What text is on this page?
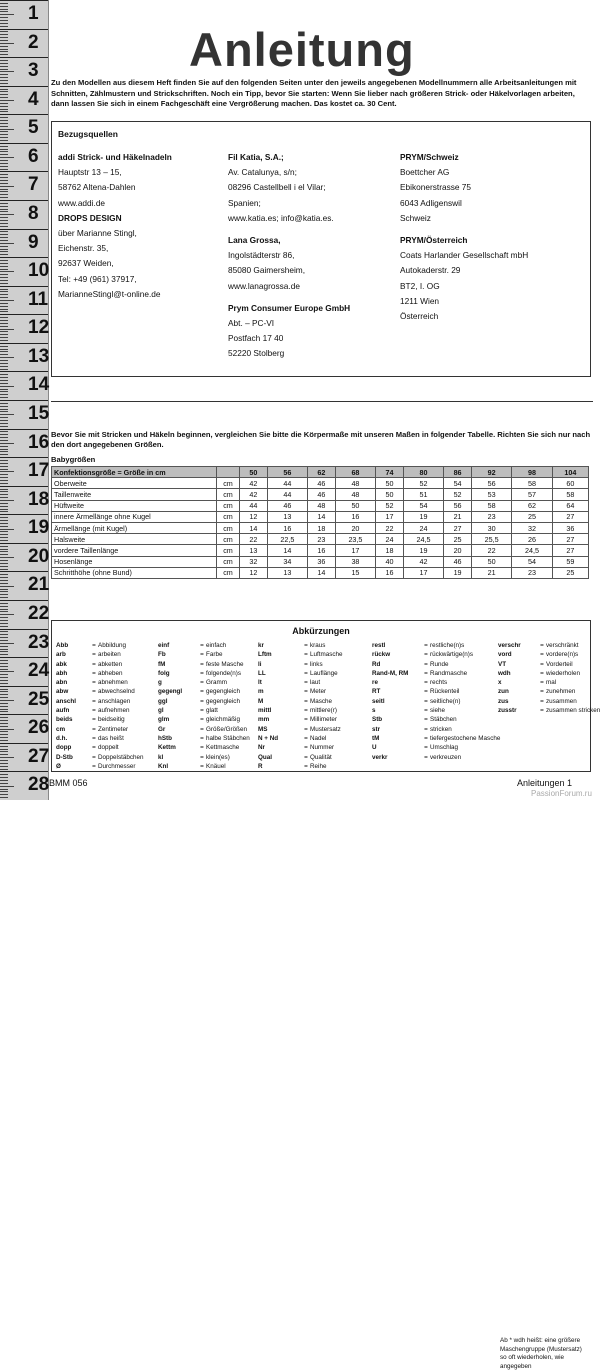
1
2
3
4
5
6
7
8
9
10
11
12
13
14
15
16
17
18
19
20
21
22
23
24
25
26
27
28
Anleitung
Zu den Modellen aus diesem Heft finden Sie auf den folgenden Seiten unter den jeweils angegebenen Modellnummern alle Arbeitsanleitungen mit Schnitten, Zählmustern und Strickschriften. Noch ein Tipp, bevor Sie starten: Wenn Sie lieber nach größeren Strick- oder Häkelvorlagen arbeiten, dann lassen Sie sich in einem Fachgeschäft eine Vergrößerung machen. Das kostet ca. 30 Cent.
Bezugsquellen
addi Strick- und Häkelnadeln
Hauptstr 13 – 15,
58762 Altena-Dahlen
www.addi.de
DROPS DESIGN
über Marianne Stingl,
Eichenstr. 35,
92637 Weiden,
Tel: +49 (961) 37917,
MarianneStingl@t-online.de
Fil Katia, S.A.;
Av. Catalunya, s/n;
08296 Castellbell i el Vilar;
Spanien;
www.katia.es; info@katia.es.
Lana Grossa,
Ingolstädterstr 86,
85080 Gaimersheim,
www.lanagrossa.de
Prym Consumer Europe GmbH
Abt. – PC-VI
Postfach 17 40
52220 Stolberg
PRYM/Schweiz
Boettcher AG
Ebikonerstrasse 75
6043 Adligenswil
Schweiz
PRYM/Österreich
Coats Harlander Gesellschaft mbH
Autokaderstr. 29
BT2, I. OG
1211 Wien
Österreich
Bevor Sie mit Stricken und Häkeln beginnen, vergleichen Sie bitte die Körpermaße mit unseren Maßen in folgender Tabelle. Richten Sie sich nur nach den dort angegebenen Größen.
Babygrößen
Konfektionsgröße = Größe in cm		50	56	62	68	74	80	86	92	98	104
Oberweite	cm	42	44	46	48	50	52	54	56	58	60
Taillenweite	cm	42	44	46	48	50	51	52	53	57	58
Hüftweite	cm	44	46	48	50	52	54	56	58	62	64
innere Ärmellänge ohne Kugel	cm	12	13	14	16	17	19	21	23	25	27
Ärmellänge (mit Kugel)	cm	14	16	18	20	22	24	27	30	32	36
Halsweite	cm	22	22,5	23	23,5	24	24,5	25	25,5	26	27
vordere Taillenlänge	cm	13	14	16	17	18	19	20	22	24,5	27
Hosenlänge	cm	32	34	36	38	40	42	46	50	54	59
Schritthöhe (ohne Bund)	cm	12	13	14	15	16	17	19	21	23	25
Abkürzungen
Abb	= Abbildung
arb	= arbeiten
abk	= abketten
abh	= abheben
abn	= abnehmen
abw	= abwechselnd
anschl	= anschlagen
aufn	= aufnehmen
beids	= beidseitig
cm	= Zentimeter
d.h.	= das heißt
dopp	= doppelt
D-Stb	= Doppelstäbchen
Ø	= Durchmesser
einf	= einfach
Fb	= Farbe
fM	= feste Masche
folg	= folgende(n)s
g	= Gramm
gegengl	= gegengleich
ggl	= gegengleich
gl	= glatt
glm	= gleichmäßig
Gr	= Größe/Größen
hStb	= halbe Stäbchen
Kettm	= Kettmasche
kl	= klein(es)
Knl	= Knäuel
kr	= kraus
Lftm	= Luftmasche
li	= links
LL	= Lauflänge
lt	= laut
m	= Meter
M	= Masche
mittl	= mittlere(r)
mm	= Millimeter
MS	= Mustersatz
N + Nd	= Nadel
Nr	= Nummer
Qual	= Qualität
R	= Reihe
restl	= restliche(n)s
rückw	= rückwärtige(n)s
Rd	= Runde
Rand-M, RM	= Randmasche
re	= rechts
RT	= Rückenteil
seitl	= seitliche(n)
s	= siehe
Stb	= Stäbchen
str	= stricken
tM	= tiefergestochene Masche
U	= Umschlag
verkr	= verkreuzen
verschr	= verschränkt
vord	= vordere(n)s
VT	= Vorderteil
wdh	= wiederholen
x	= mal
zun	= zunehmen
zus	= zusammen
zusstr	= zusammen stricken
Ab * wdh heißt: eine größere Maschengruppe (Mustersatz) so oft wiederholen, wie angegeben
BMM 056	Anleitungen 1
PassionForum.ru
